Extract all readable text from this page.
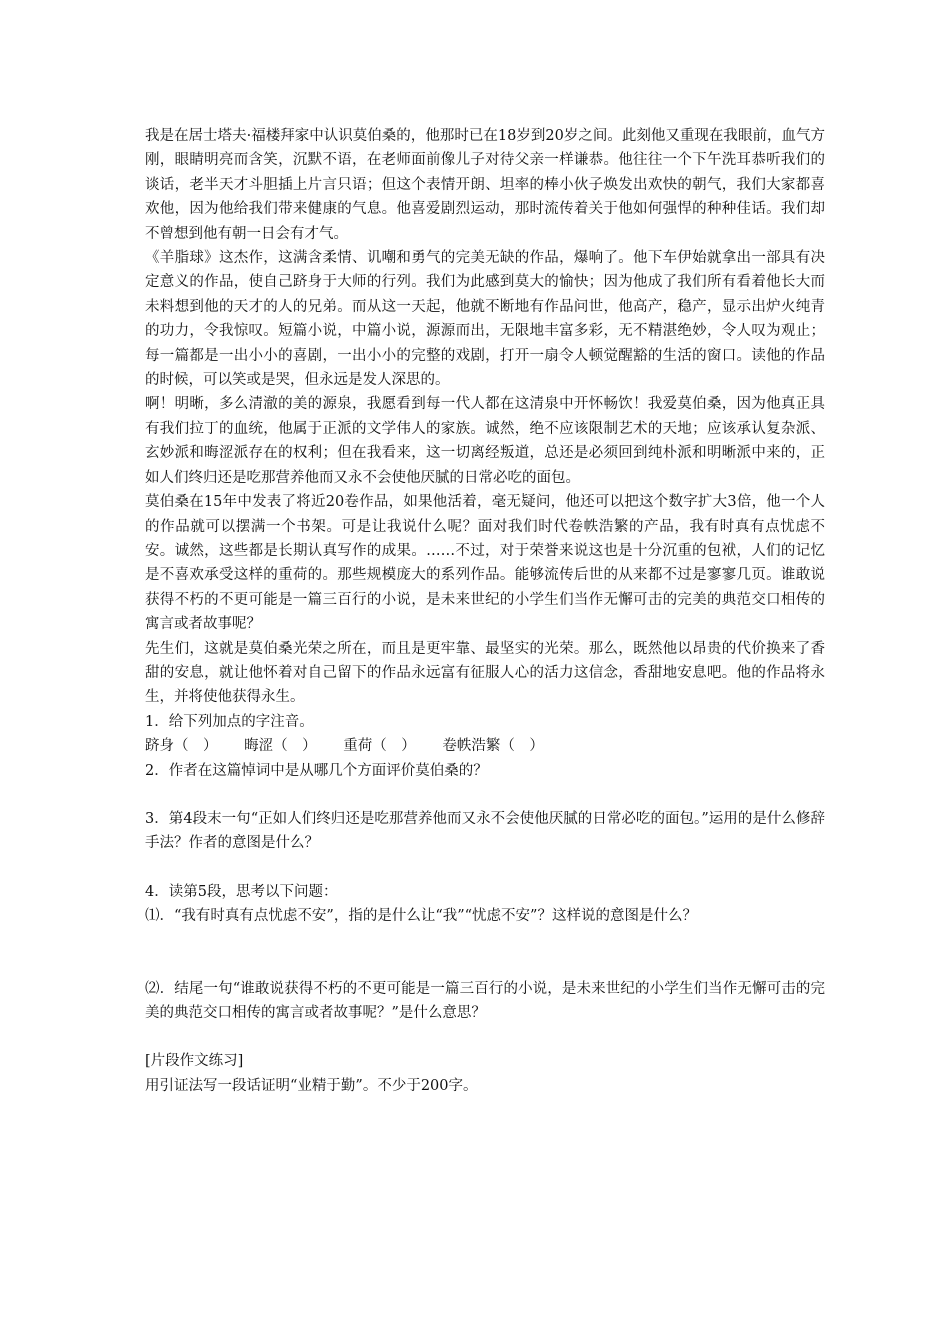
我是在居士塔夫·福楼拜家中认识莫伯桑的，他那时已在18岁到20岁之间。此刻他又重现在我眼前，血气方刚，眼睛明亮而含笑，沉默不语，在老师面前像儿子对待父亲一样谦恭。他往往一个下午洗耳恭听我们的谈话，老半天才斗胆插上片言只语；但这个表情开朗、坦率的棒小伙子焕发出欢快的朝气，我们大家都喜欢他，因为他给我们带来健康的气息。他喜爱剧烈运动，那时流传着关于他如何强悍的种种佳话。我们却不曾想到他有朝一日会有才气。

《羊脂球》这杰作，这满含柔情、讥嘲和勇气的完美无缺的作品，爆响了。他下车伊始就拿出一部具有决定意义的作品，使自己跻身于大师的行列。我们为此感到莫大的愉快；因为他成了我们所有看着他长大而未料想到他的天才的人的兄弟。而从这一天起，他就不断地有作品问世，他高产，稳产，显示出炉火纯青的功力，令我惊叹。短篇小说，中篇小说，源源而出，无限地丰富多彩，无不精湛绝妙，令人叹为观止；每一篇都是一出小小的喜剧，一出小小的完整的戏剧，打开一扇令人顿觉醒豁的生活的窗口。读他的作品的时候，可以笑或是哭，但永远是发人深思的。

啊！明晰，多么清澈的美的源泉，我愿看到每一代人都在这清泉中开怀畅饮！我爱莫伯桑，因为他真正具有我们拉丁的血统，他属于正派的文学伟人的家族。诚然，绝不应该限制艺术的天地；应该承认复杂派、玄妙派和晦涩派存在的权利；但在我看来，这一切离经叛道，总还是必须回到纯朴派和明晰派中来的，正如人们终归还是吃那营养他而又永不会使他厌腻的日常必吃的面包。

莫伯桑在15年中发表了将近20卷作品，如果他活着，毫无疑问，他还可以把这个数字扩大3倍，他一个人的作品就可以摆满一个书架。可是让我说什么呢？面对我们时代卷帙浩繁的产品，我有时真有点忧虑不安。诚然，这些都是长期认真写作的成果。……不过，对于荣誉来说这也是十分沉重的包袱，人们的记忆是不喜欢承受这样的重荷的。那些规模庞大的系列作品。能够流传后世的从来都不过是寥寥几页。谁敢说获得不朽的不更可能是一篇三百行的小说，是未来世纪的小学生们当作无懈可击的完美的典范交口相传的寓言或者故事呢？

先生们，这就是莫伯桑光荣之所在，而且是更牢靠、最坚实的光荣。那么，既然他以昂贵的代价换来了香甜的安息，就让他怀着对自己留下的作品永远富有征服人心的活力这信念，香甜地安息吧。他的作品将永生，并将使他获得永生。

1．给下列加点的字注音。

跻身（　） 晦涩（　） 重荷（　） 卷帙浩繁（　）

2．作者在这篇悼词中是从哪几个方面评价莫伯桑的？

3．第4段末一句“正如人们终归还是吃那营养他而又永不会使他厌腻的日常必吃的面包。”运用的是什么修辞手法？作者的意图是什么？

4．读第5段，思考以下问题：

⑴．“我有时真有点忧虑不安”，指的是什么让“我”“忧虑不安”？这样说的意图是什么？

⑵．结尾一句“谁敢说获得不朽的不更可能是一篇三百行的小说，是未来世纪的小学生们当作无懈可击的完美的典范交口相传的寓言或者故事呢？”是什么意思？

[片段作文练习]

用引证法写一段话证明“业精于勤”。不少于200字。
